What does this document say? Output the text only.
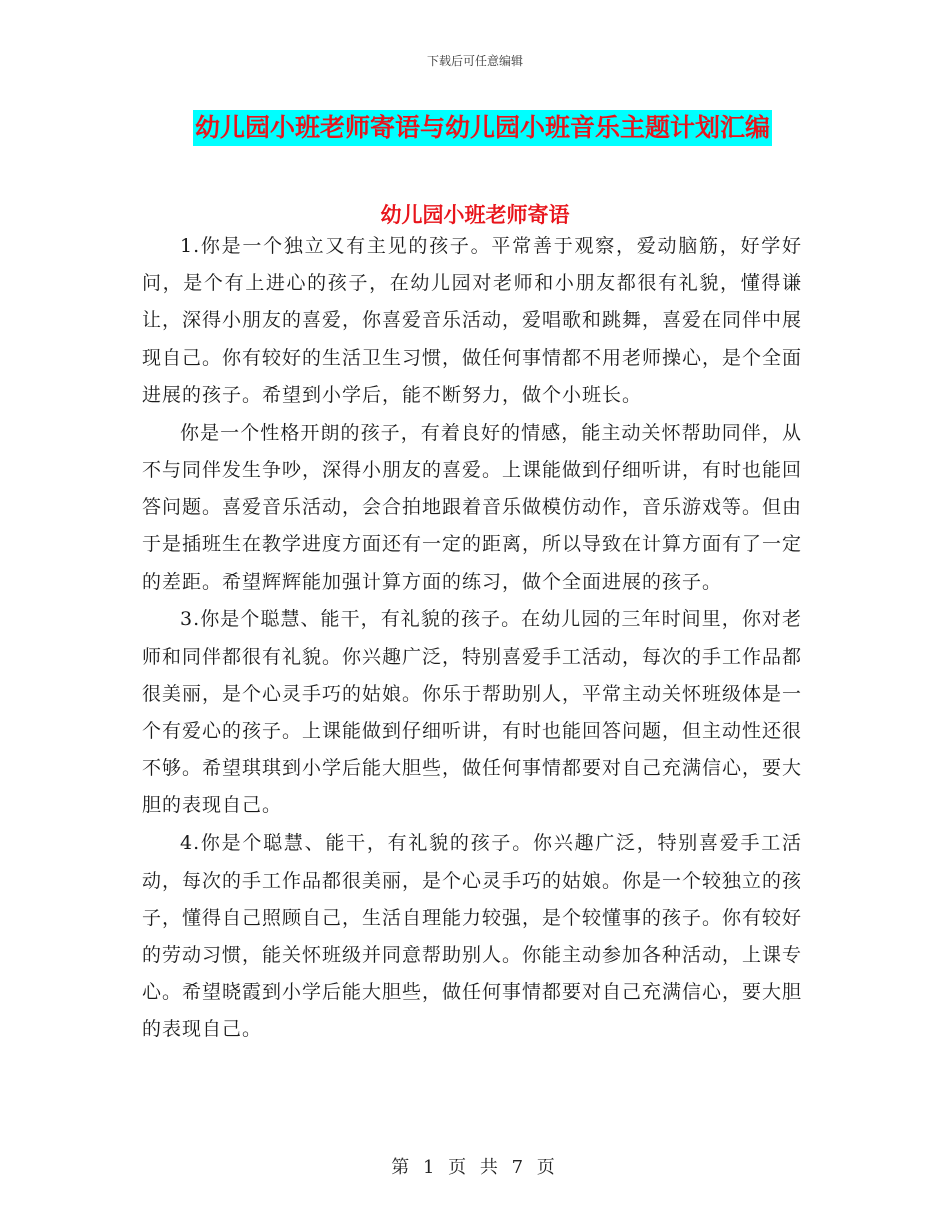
下载后可任意编辑
幼儿园小班老师寄语与幼儿园小班音乐主题计划汇编
幼儿园小班老师寄语

1.你是一个独立又有主见的孩子。平常善于观察，爱动脑筋，好学好问，是个有上进心的孩子，在幼儿园对老师和小朋友都很有礼貌，懂得谦让，深得小朋友的喜爱，你喜爱音乐活动，爱唱歌和跳舞，喜爱在同伴中展现自己。你有较好的生活卫生习惯，做任何事情都不用老师操心，是个全面进展的孩子。希望到小学后，能不断努力，做个小班长。

你是一个性格开朗的孩子，有着良好的情感，能主动关怀帮助同伴，从不与同伴发生争吵，深得小朋友的喜爱。上课能做到仔细听讲，有时也能回答问题。喜爱音乐活动，会合拍地跟着音乐做模仿动作，音乐游戏等。但由于是插班生在教学进度方面还有一定的距离，所以导致在计算方面有了一定的差距。希望辉辉能加强计算方面的练习，做个全面进展的孩子。

3.你是个聪慧、能干，有礼貌的孩子。在幼儿园的三年时间里，你对老师和同伴都很有礼貌。你兴趣广泛，特别喜爱手工活动，每次的手工作品都很美丽，是个心灵手巧的姑娘。你乐于帮助别人，平常主动关怀班级体是一个有爱心的孩子。上课能做到仔细听讲，有时也能回答问题，但主动性还很不够。希望琪琪到小学后能大胆些，做任何事情都要对自己充满信心，要大胆的表现自己。

4.你是个聪慧、能干，有礼貌的孩子。你兴趣广泛，特别喜爱手工活动，每次的手工作品都很美丽，是个心灵手巧的姑娘。你是一个较独立的孩子，懂得自己照顾自己，生活自理能力较强，是个较懂事的孩子。你有较好的劳动习惯，能关怀班级并同意帮助别人。你能主动参加各种活动，上课专心。希望晓霞到小学后能大胆些，做任何事情都要对自己充满信心，要大胆的表现自己。

第 1 页 共 7 页
